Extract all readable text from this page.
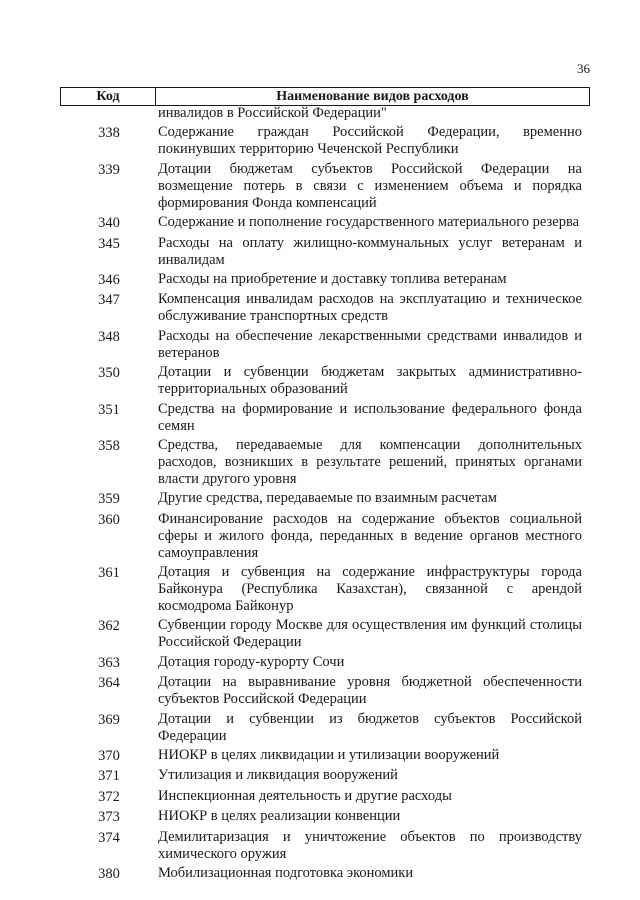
36
Код	Наименование видов расходов
инвалидов в Российской Федерации"
338	Содержание граждан Российской Федерации, временно покинувших территорию Чеченской Республики
339	Дотации бюджетам субъектов Российской Федерации на возмещение потерь в связи с изменением объема и порядка формирования Фонда компенсаций
340	Содержание и пополнение государственного материального резерва
345	Расходы на оплату жилищно-коммунальных услуг ветеранам и инвалидам
346	Расходы на приобретение и доставку топлива ветеранам
347	Компенсация инвалидам расходов на эксплуатацию и техническое обслуживание транспортных средств
348	Расходы на обеспечение лекарственными средствами инвалидов и ветеранов
350	Дотации и субвенции бюджетам закрытых административно-территориальных образований
351	Средства на формирование и использование федерального фонда семян
358	Средства, передаваемые для компенсации дополнительных расходов, возникших в результате решений, принятых органами власти другого уровня
359	Другие средства, передаваемые по взаимным расчетам
360	Финансирование расходов на содержание объектов социальной сферы и жилого фонда, переданных в ведение органов местного самоуправления
361	Дотация и субвенция на содержание инфраструктуры города Байконура (Республика Казахстан), связанной с арендой космодрома Байконур
362	Субвенции городу Москве для осуществления им функций столицы Российской Федерации
363	Дотация городу-курорту Сочи
364	Дотации на выравнивание уровня бюджетной обеспеченности субъектов Российской Федерации
369	Дотации и субвенции из бюджетов субъектов Российской Федерации
370	НИОКР в целях ликвидации и утилизации вооружений
371	Утилизация и ликвидация вооружений
372	Инспекционная деятельность и другие расходы
373	НИОКР в целях реализации конвенции
374	Демилитаризация и уничтожение объектов по производству химического оружия
380	Мобилизационная подготовка экономики
